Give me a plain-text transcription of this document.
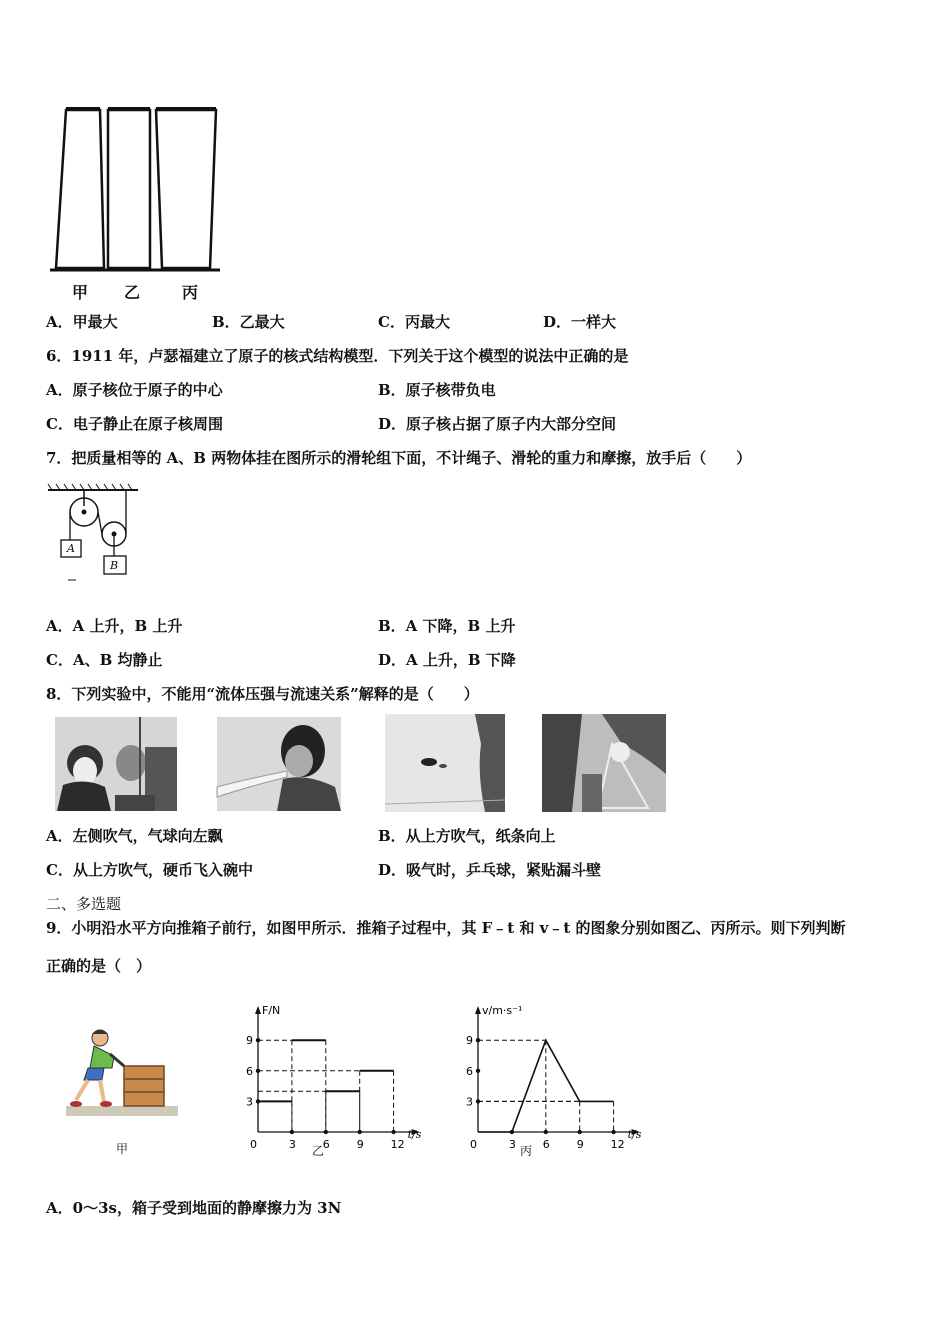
甲 乙	丙
A．甲最大	B．乙最大	C．丙最大	D．一样大
6．1911 年，卢瑟福建立了原子的核式结构模型．下列关于这个模型的说法中正确的是
A．原子核位于原子的中心	B．原子核带负电
C．电子静止在原子核周围	D．原子核占据了原子内大部分空间
7．把质量相等的 A、B 两物体挂在图所示的滑轮组下面，不计绳子、滑轮的重力和摩擦，放手后（　　）
A
B
A．A 上升，B 上升	B．A 下降，B 上升
C．A、B 均静止	D．A 上升，B 下降
8．下列实验中，不能用“流体压强与流速关系”解释的是（　　）
A．左侧吹气，气球向左飘	B．从上方吹气，纸条向上
C．从上方吹气，硬币飞入碗中	D．吸气时，乒乓球，紧贴漏斗壁
二、多选题
9．小明沿水平方向推箱子前行，如图甲所示．推箱子过程中，其 F﹣t 和 v﹣t 的图象分别如图乙、丙所示。则下列判断
正确的是（　）
甲
F/N
t/s
0	3 6 9 12
3
6
9
乙
v/m·s⁻¹
t/s
0	3 6 9 12
3
6
9
丙
A．0～3s，箱子受到地面的静摩擦力为 3N
